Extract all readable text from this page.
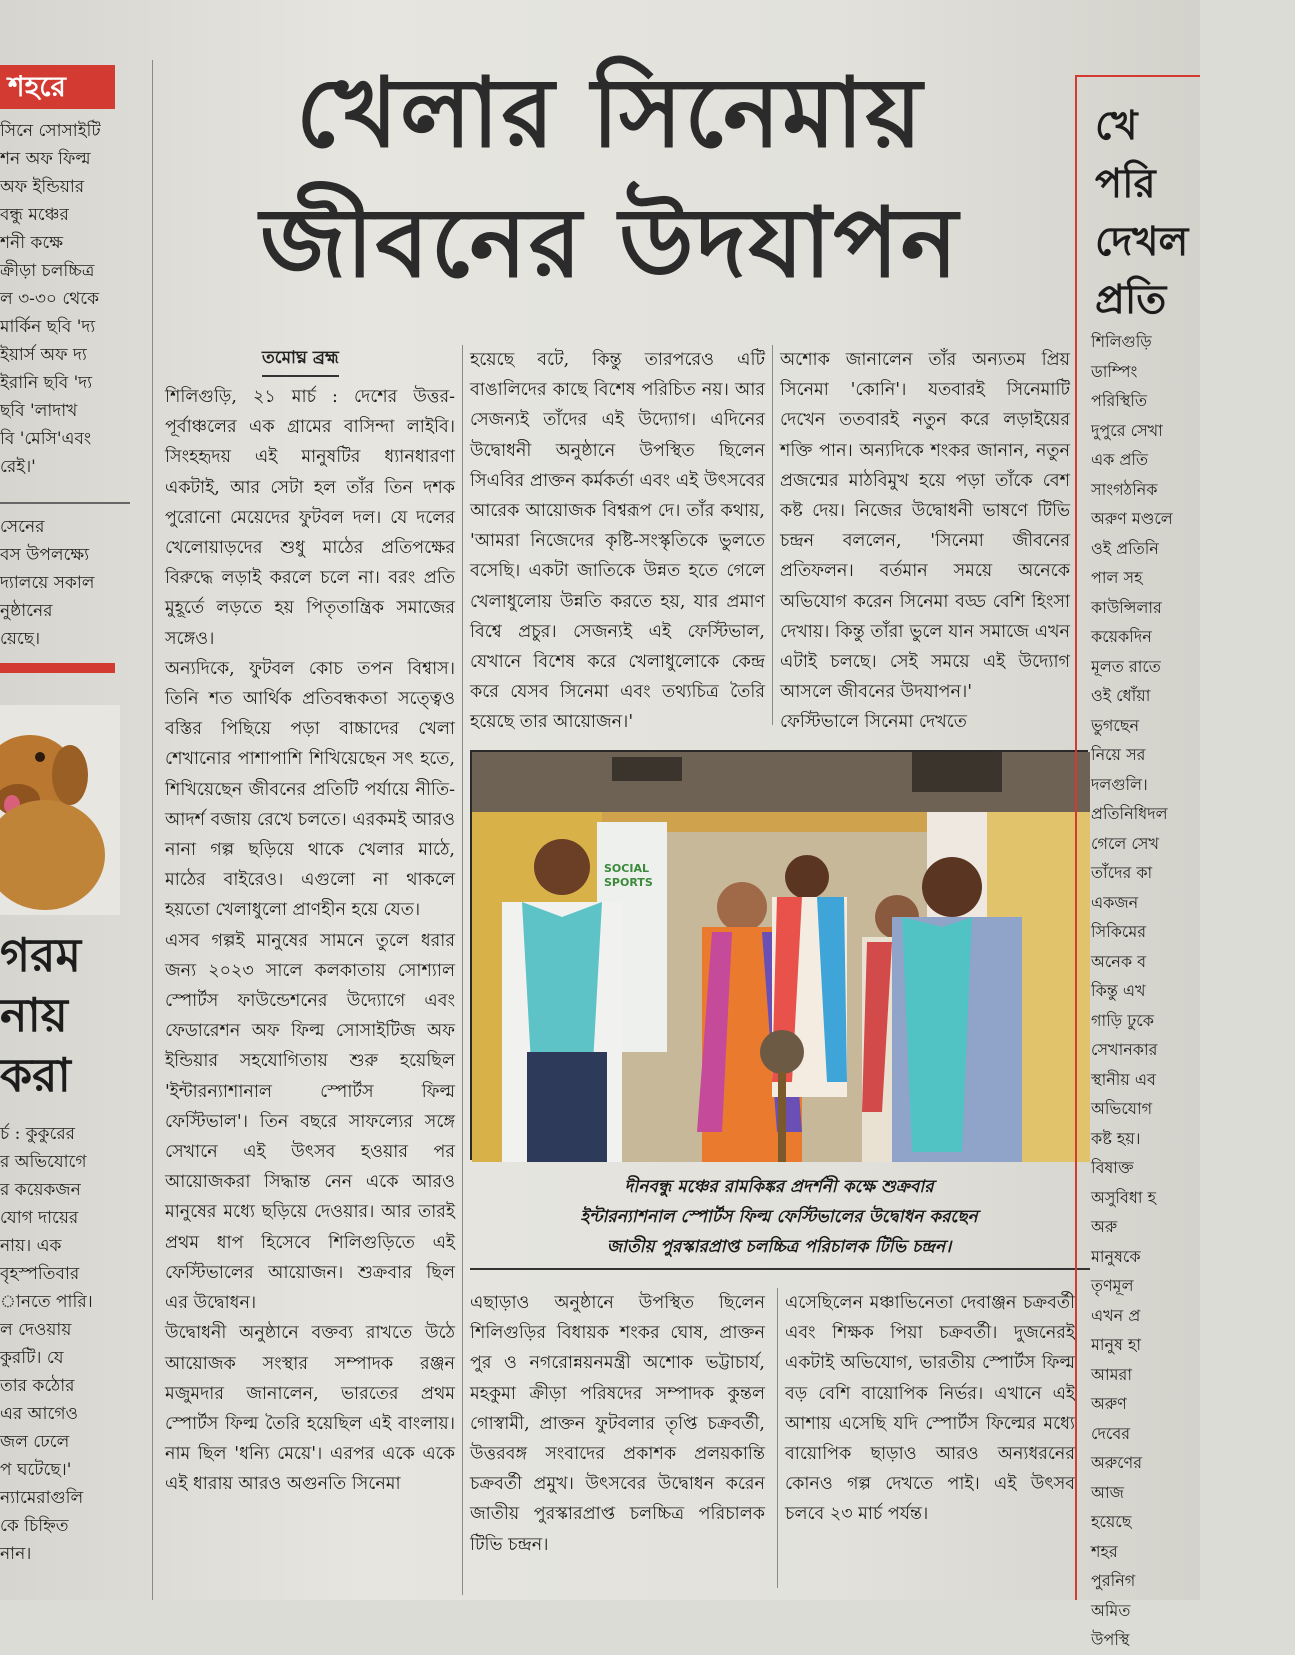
শহরে
সিনে সোসাইটি
শন অফ ফিল্ম
অফ ইন্ডিয়ার
বন্ধু মঞ্চের
শনী কক্ষে
ক্রীড়া চলচ্চিত্র
ল ৩-৩০ থেকে
মার্কিন ছবি 'দ্য
ইয়ার্স অফ দ্য
ইরানি ছবি 'দ্য
ছবি 'লাদাখ
বি 'মেসি'এবং
রেই।'
সেনের
বস উপলক্ষ্যে
দ্যালয়ে সকাল
নুষ্ঠানের
য়েছে।
গরম
নায়
করা
র্চ : কুকুরের
র অভিযোগে
র কয়েকজন
যোগ দায়ের
নায়। এক
বৃহস্পতিবার
ানতে পারি।
ল দেওয়ায়
কুরটি। যে
তার কঠোর
এর আগেও
জল ঢেলে
প ঘটেছে।'
ন্যামেরাগুলি
কে চিহ্নিত
নান।
খেলার সিনেমায়
জীবনের উদযাপন
তমোঘ্ন ব্রহ্ম
শিলিগুড়ি, ২১ মার্চ : দেশের উত্তর-পূর্বাঞ্চলের এক গ্রামের বাসিন্দা লাইবি। সিংহহৃদয় এই মানুষটির ধ্যানধারণা একটাই, আর সেটা হল তাঁর তিন দশক পুরোনো মেয়েদের ফুটবল দল। যে দলের খেলোয়াড়দের শুধু মাঠের প্রতিপক্ষের বিরুদ্ধে লড়াই করলে চলে না। বরং প্রতি মুহূর্তে লড়তে হয় পিতৃতান্ত্রিক সমাজের সঙ্গেও।
অন্যদিকে, ফুটবল কোচ তপন বিশ্বাস। তিনি শত আর্থিক প্রতিবন্ধকতা সত্ত্বেও বস্তির পিছিয়ে পড়া বাচ্চাদের খেলা শেখানোর পাশাপাশি শিখিয়েছেন সৎ হতে, শিখিয়েছেন জীবনের প্রতিটি পর্যায়ে নীতি-আদর্শ বজায় রেখে চলতে। এরকমই আরও নানা গল্প ছড়িয়ে থাকে খেলার মাঠে, মাঠের বাইরেও। এগুলো না থাকলে হয়তো খেলাধুলো প্রাণহীন হয়ে যেত।
এসব গল্পই মানুষের সামনে তুলে ধরার জন্য ২০২৩ সালে কলকাতায় সোশ্যাল স্পোর্টস ফাউন্ডেশনের উদ্যোগে এবং ফেডারেশন অফ ফিল্ম সোসাইটিজ অফ ইন্ডিয়ার সহযোগিতায় শুরু হয়েছিল 'ইন্টারন্যাশানাল স্পোর্টস ফিল্ম ফেস্টিভাল'। তিন বছরে সাফল্যের সঙ্গে সেখানে এই উৎসব হওয়ার পর আয়োজকরা সিদ্ধান্ত নেন একে আরও মানুষের মধ্যে ছড়িয়ে দেওয়ার। আর তারই প্রথম ধাপ হিসেবে শিলিগুড়িতে এই ফেস্টিভালের আয়োজন। শুক্রবার ছিল এর উদ্বোধন।
উদ্বোধনী অনুষ্ঠানে বক্তব্য রাখতে উঠে আয়োজক সংস্থার সম্পাদক রঞ্জন মজুমদার জানালেন, ভারতের প্রথম স্পোর্টস ফিল্ম তৈরি হয়েছিল এই বাংলায়। নাম ছিল 'ধন্যি মেয়ে'। এরপর একে একে এই ধারায় আরও অগুনতি সিনেমা
হয়েছে বটে, কিন্তু তারপরেও এটি বাঙালিদের কাছে বিশেষ পরিচিত নয়। আর সেজন্যই তাঁদের এই উদ্যোগ। এদিনের উদ্বোধনী অনুষ্ঠানে উপস্থিত ছিলেন সিএবির প্রাক্তন কর্মকর্তা এবং এই উৎসবের আরেক আয়োজক বিশ্বরূপ দে। তাঁর কথায়, 'আমরা নিজেদের কৃষ্টি-সংস্কৃতিকে ভুলতে বসেছি। একটা জাতিকে উন্নত হতে গেলে খেলাধুলোয় উন্নতি করতে হয়, যার প্রমাণ বিশ্বে প্রচুর। সেজন্যই এই ফেস্টিভাল, যেখানে বিশেষ করে খেলাধুলোকে কেন্দ্র করে যেসব সিনেমা এবং তথ্যচিত্র তৈরি হয়েছে তার আয়োজন।'
অশোক জানালেন তাঁর অন্যতম প্রিয় সিনেমা 'কোনি'। যতবারই সিনেমাটি দেখেন ততবারই নতুন করে লড়াইয়ের শক্তি পান। অন্যদিকে শংকর জানান, নতুন প্রজন্মের মাঠবিমুখ হয়ে পড়া তাঁকে বেশ কষ্ট দেয়। নিজের উদ্বোধনী ভাষণে টিভি চন্দ্রন বললেন, 'সিনেমা জীবনের প্রতিফলন। বর্তমান সময়ে অনেকে অভিযোগ করেন সিনেমা বড্ড বেশি হিংসা দেখায়। কিন্তু তাঁরা ভুলে যান সমাজে এখন এটাই চলছে। সেই সময়ে এই উদ্যোগ আসলে জীবনের উদযাপন।'
ফেস্টিভালে সিনেমা দেখতে
SOCIAL
SPORTS
দীনবন্ধু মঞ্চের রামকিঙ্কর প্রদর্শনী কক্ষে শুক্রবার
ইন্টারন্যাশনাল স্পোর্টস ফিল্ম ফেস্টিভালের উদ্বোধন করছেন
জাতীয় পুরস্কারপ্রাপ্ত চলচ্চিত্র পরিচালক টিভি চন্দ্রন।
এছাড়াও অনুষ্ঠানে উপস্থিত ছিলেন শিলিগুড়ির বিধায়ক শংকর ঘোষ, প্রাক্তন পুর ও নগরোন্নয়নমন্ত্রী অশোক ভট্টাচার্য, মহকুমা ক্রীড়া পরিষদের সম্পাদক কুন্তল গোস্বামী, প্রাক্তন ফুটবলার তৃপ্তি চক্রবর্তী, উত্তরবঙ্গ সংবাদের প্রকাশক প্রলয়কান্তি চক্রবর্তী প্রমুখ। উৎসবের উদ্বোধন করেন জাতীয় পুরস্কারপ্রাপ্ত চলচ্চিত্র পরিচালক টিভি চন্দ্রন।
এসেছিলেন মঞ্চাভিনেতা দেবাঞ্জন চক্রবর্তী এবং শিক্ষক পিয়া চক্রবর্তী। দুজনেরই একটাই অভিযোগ, ভারতীয় স্পোর্টস ফিল্ম বড় বেশি বায়োপিক নির্ভর। এখানে এই আশায় এসেছি যদি স্পোর্টস ফিল্মের মধ্যে বায়োপিক ছাড়াও আরও অন্যধরনের কোনও গল্প দেখতে পাই। এই উৎসব চলবে ২৩ মার্চ পর্যন্ত।
খে
পরি
দেখল
প্রতি
শিলিগুড়ি
ডাম্পিং
পরিস্থিতি
দুপুরে সেখা
এক প্রতি
সাংগঠনিক
অরুণ মণ্ডলে
ওই প্রতিনি
পাল সহ
কাউন্সিলার
কয়েকদিন
মূলত রাতে
ওই ধোঁয়া
ভুগছেন
নিয়ে সর
দলগুলি।
প্রতিনিধিদল
গেলে সেখ
তাঁদের কা
একজন
সিকিমের
অনেক ব
কিন্তু এখ
গাড়ি ঢুকে
সেখানকার
স্থানীয় এব
অভিযোগ
কষ্ট হয়।
বিষাক্ত
অসুবিধা হ
অরু
মানুষকে
তৃণমূল
এখন প্র
মানুষ হা
আমরা
অরুণ
দেবের
অরুণের
আজ
হয়েছে
শহর
পুরনিগ
অমিত
উপস্থি
